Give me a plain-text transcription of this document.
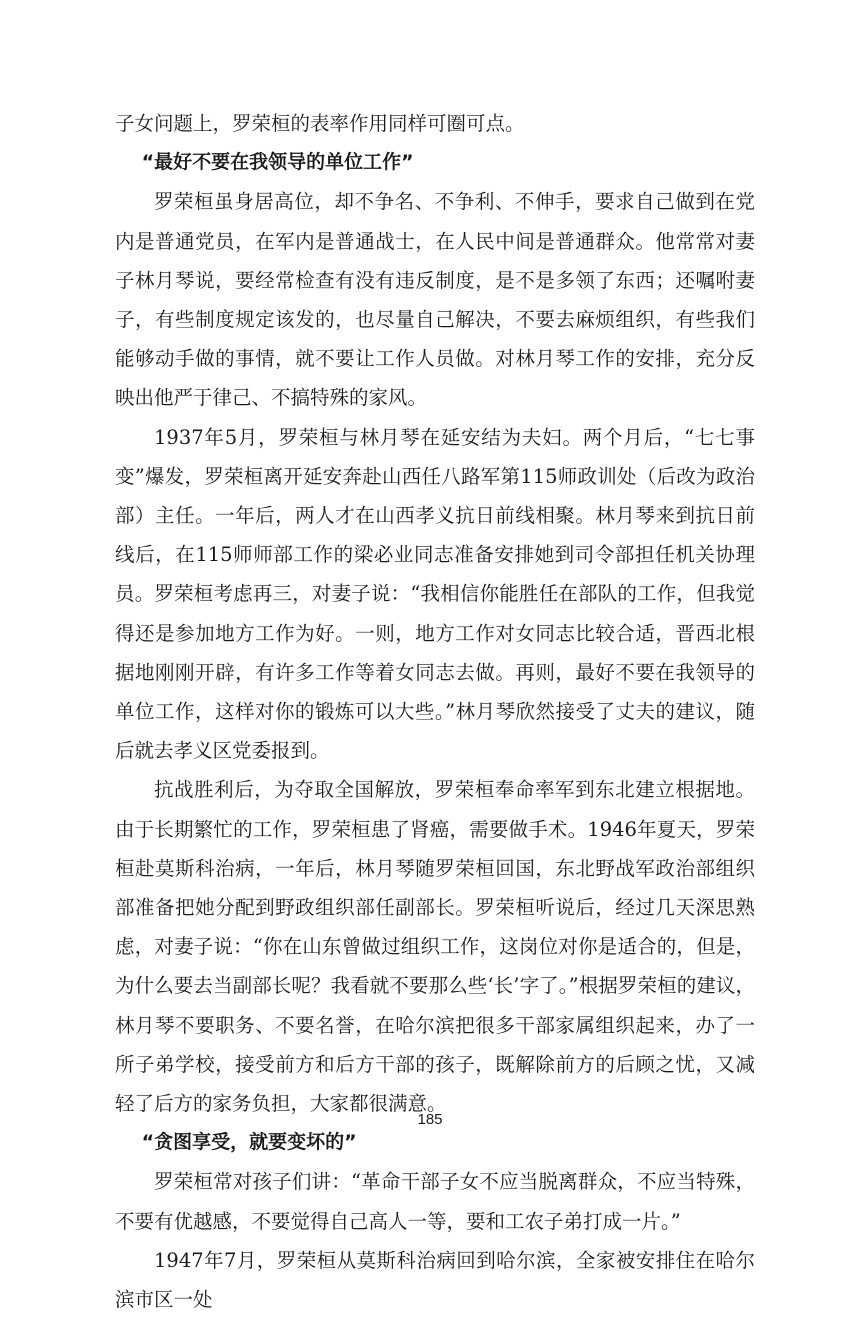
子女问题上，罗荣桓的表率作用同样可圈可点。

“最好不要在我领导的单位工作”

罗荣桓虽身居高位，却不争名、不争利、不伸手，要求自己做到在党内是普通党员，在军内是普通战士，在人民中间是普通群众。他常常对妻子林月琴说，要经常检查有没有违反制度，是不是多领了东西；还嘱咐妻子，有些制度规定该发的，也尽量自己解决，不要去麻烦组织，有些我们能够动手做的事情，就不要让工作人员做。对林月琴工作的安排，充分反映出他严于律己、不搞特殊的家风。

1937年5月，罗荣桓与林月琴在延安结为夫妇。两个月后，“七七事变”爆发，罗荣桓离开延安奔赴山西任八路军第115师政训处（后改为政治部）主任。一年后，两人才在山西孝义抗日前线相聚。林月琴来到抗日前线后，在115师师部工作的梁必业同志准备安排她到司令部担任机关协理员。罗荣桓考虑再三，对妻子说：“我相信你能胜任在部队的工作，但我觉得还是参加地方工作为好。一则，地方工作对女同志比较合适，晋西北根据地刚刚开辟，有许多工作等着女同志去做。再则，最好不要在我领导的单位工作，这样对你的锻炼可以大些。”林月琴欣然接受了丈夫的建议，随后就去孝义区党委报到。

抗战胜利后，为夺取全国解放，罗荣桓奉命率军到东北建立根据地。由于长期繁忙的工作，罗荣桓患了肾癌，需要做手术。1946年夏天，罗荣桓赴莫斯科治病，一年后，林月琴随罗荣桓回国，东北野战军政治部组织部准备把她分配到野政组织部任副部长。罗荣桓听说后，经过几天深思熟虑，对妻子说：“你在山东曾做过组织工作，这岗位对你是适合的，但是，为什么要去当副部长呢？我看就不要那么些‘长’字了。”根据罗荣桓的建议，林月琴不要职务、不要名誉，在哈尔滨把很多干部家属组织起来，办了一所子弟学校，接受前方和后方干部的孩子，既解除前方的后顾之忧，又减轻了后方的家务负担，大家都很满意。

“贪图享受，就要变坏的”

罗荣桓常对孩子们讲：“革命干部子女不应当脱离群众，不应当特殊，不要有优越感，不要觉得自己高人一等，要和工农子弟打成一片。”

1947年7月，罗荣桓从莫斯科治病回到哈尔滨，全家被安排住在哈尔滨市区一处

185
